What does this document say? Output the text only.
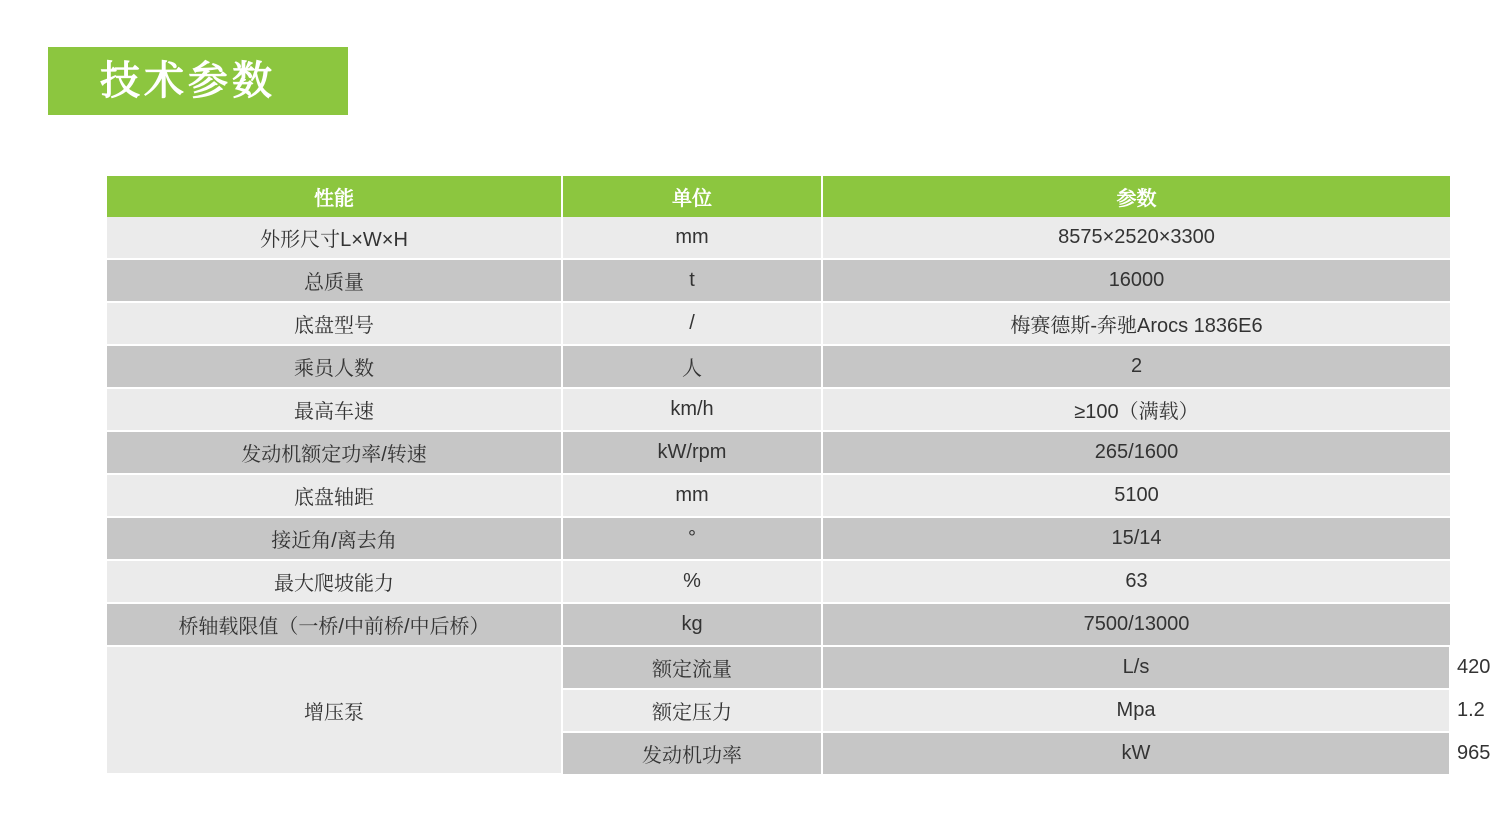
技术参数
性能	单位	参数	
外形尺寸L×W×H	mm	8575×2520×3300	
总质量	t	16000	
底盘型号	/	梅赛德斯-奔驰Arocs 1836E6	
乘员人数	人	2	
最高车速	km/h	≥100（满载）	
发动机额定功率/转速	kW/rpm	265/1600	
底盘轴距	mm	5100	
接近角/离去角	°	15/14	
最大爬坡能力	%	63	
桥轴载限值（一桥/中前桥/中后桥）	kg	7500/13000	
增压泵	额定流量	L/s	420
	额定压力	Mpa	1.2
	发动机功率	kW	965
